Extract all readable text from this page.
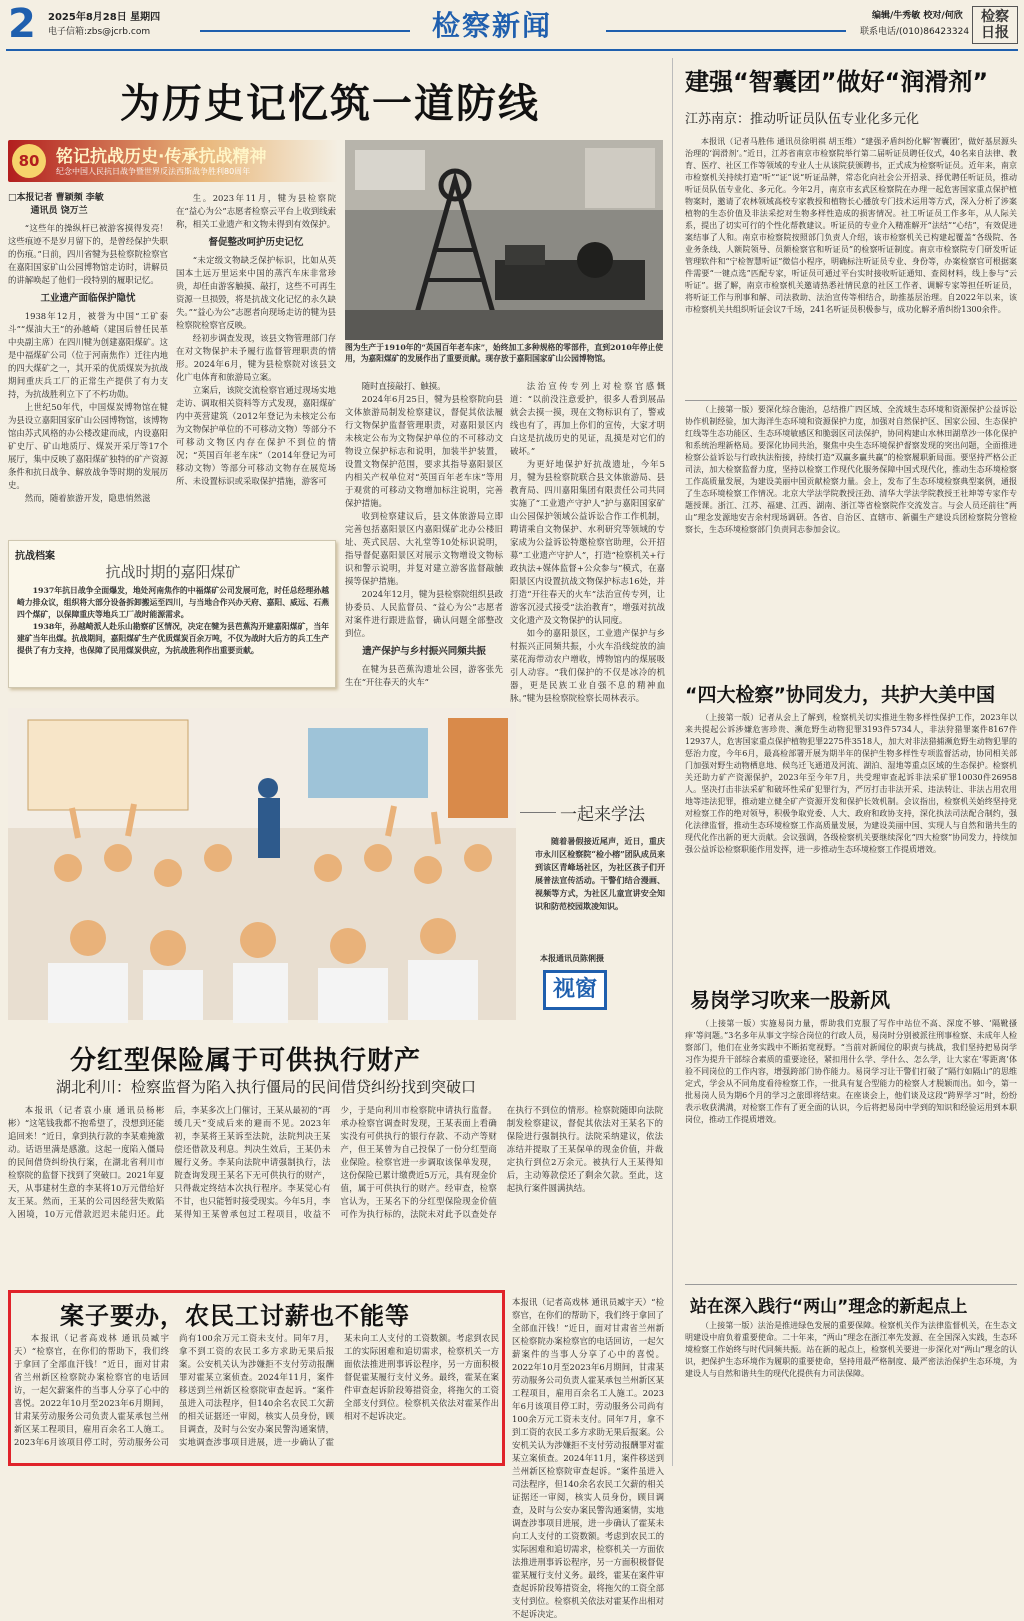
2 2025年8月28日 星期四
电子信箱:zbs@jcrb.com	检察新闻	编辑/牛秀敏 校对/何欣
联系电话/(010)86423324
检察日报
为历史记忆筑一道防线
80 铭记抗战历史·传承抗战精神
纪念中国人民抗日战争暨世界反法西斯战争胜利80周年
□本报记者 曹颖频 李敏
通讯员 饶万兰

“这些年的操纵杆已被游客摸得发亮！这些痕迹不是岁月留下的，是曾经保护失职的伤痕。”日前，四川省犍为县检察院检察官在嘉阳国家矿山公园博物馆走访时，讲解员的讲解唤起了他们一段特别的履职记忆。

工业遗产面临保护隐忧

1938年12月，被誉为中国“工矿泰斗”“煤油大王”的孙越崎（建国后曾任民革中央副主席）在四川犍为创建嘉阳煤矿。这是中福煤矿公司（位于河南焦作）迁往内地的四大煤矿之一，其开采的优质煤炭为抗战期间重庆兵工厂的正常生产提供了有力支持，为抗战胜利立下了不朽功勋。

上世纪50年代，中国煤炭博物馆在犍为县设立嘉阳国家矿山公园博物馆，该博物馆由苏式风格的办公楼改建而成，内设嘉阳矿史厅、矿山地质厅、煤炭开采厅等17个展厅，集中反映了嘉阳煤矿独特的矿产资源条件和抗日战争、解放战争等时期的发展历史。

然而，随着旅游开发，隐患悄然滋

生。2023年11月，犍为县检察院在“益心为公”志愿者检察云平台上收到线索称，相关工业遗产和文物未得到有效保护。

督促整改呵护历史记忆

“未定级文物缺乏保护标识，比如从英国本土远万里运来中国的蒸汽车床非常珍贵，却任由游客触摸、敲打，这些不可再生资源一旦损毁，将是抗战文化记忆的永久缺失。”“益心为公”志愿者向现场走访的犍为县检察院检察官反映。

经初步调查发现，该县文物管理部门存在对文物保护未予履行监督管理职责的情形。2024年6月，犍为县检察院对该县文化广电体育和旅游局立案。

立案后，该院交流检察官通过现场实地走访、调取相关资料等方式发现，嘉阳煤矿内中英营建筑（2012年登记为未核定公布为文物保护单位的不可移动文物）等部分不可移动文物区内存在保护不到位的情况；“英国百年老车床”（2014年登记为可移动文物）等部分可移动文物存在展览场所、未设置标识或采取保护措施，游客可

图为生产于1910年的“英国百年老车床”，始终加工多种规格的零部件，直到2010年停止使用，为嘉阳煤矿的发展作出了重要贡献。现存放于嘉阳国家矿山公园博物馆。

随时直接敲打、触摸。

2024年6月25日，犍为县检察院向县文体旅游局制发检察建议，督促其依法履行文物保护监督管理职责，对嘉阳景区内未核定公布为文物保护单位的不可移动文物设立保护标志和说明，加装半护装置，设置文物保护范围，要求其指导嘉阳景区内相关产权单位对“英国百年老车床”等用于观赏的可移动文物增加标注说明，完善保护措施。

收到检察建议后，县文体旅游局立即完善包括嘉阳景区内嘉阳煤矿北办公楼旧址、英式民居、大礼堂等10处标识说明，指导督促嘉阳景区对展示文物增设文物标识和警示说明，并复对建立游客监督敲触摸等保护措施。

2024年12月，犍为县检察院组织县政协委员、人民监督员、“益心为公”志愿者对案件进行跟进监督，确认问题全部整改到位。

遗产保护与乡村振兴同频共振

在犍为县芭蕉沟遗址公园，游客张先生在“开往春天的火车”

法治宣传专列上对检察官感慨道：“以前没注意爱护，很多人看到展品就会去摸一摸，现在文物标识有了，警戒线也有了，再加上你们的宣传，大家才明白这是抗战历史的见证，乱摸是对它们的破坏。”

为更好地保护好抗战遗址，今年5月，犍为县检察院联合县文体旅游局、县教育局、四川嘉阳集团有限责任公司共同实施了“工业遗产守护人”护与嘉阳国家矿山公园保护领域公益诉讼合作工作机制，聘请乘自文物保护、水利研究等领域的专家成为公益诉讼特邀检察官助理，公开招募“工业遗产守护人”，打造“检察机关+行政执法+媒体监督+公众参与”模式，在嘉阳景区内设置抗战文物保护标志16处，并打造“开往春天的火车”法治宣传专列，让游客沉浸式接受“法治教育”，增强对抗战文化遗产及文物保护的认同度。

如今的嘉阳景区，工业遗产保护与乡村振兴正同频共振，小火车沿线绽放的油菜花海带动农户增收，博物馆内的煤展吸引人动容。“我们保护的不仅是冰冷的机器，更是民族工业自强不息的精神血脉。”犍为县检察院检察长周林表示。

抗战档案
抗战时期的嘉阳煤矿

1937年抗日战争全面爆发，地处河南焦作的中福煤矿公司发展可危，时任总经理孙越崎力排众议，组织将大部分设备拆卸搬运至四川，与当地合作兴办天府、嘉阳、威远、石燕四个煤矿，以保障重庆等地兵工厂战时能源需求。

1938年，孙越崎派人赴乐山勘察矿区情况，决定在犍为县芭蕉沟开建嘉阳煤矿，当年建矿当年出煤。抗战期间，嘉阳煤矿生产优质煤炭百余万吨，不仅为战时大后方的兵工生产提供了有力支持，也保障了民用煤炭供应，为抗战胜利作出重要贡献。

一起来学法
随着暑假接近尾声，近日，重庆市永川区检察院“检小榕”团队成员来到该区青峰场社区，为社区孩子们开展普法宣传活动。干警们结合漫画、视频等方式，为社区儿童宣讲安全知识和防范校园欺凌知识。
本报通讯员陈俐摄
视窗
分红型保险属于可供执行财产
湖北利川：检察监督为陷入执行僵局的民间借贷纠纷找到突破口
本报讯（记者袁小康 通讯员杨彬彬）“这笔钱我都不抱希望了，没想到还能追回来！”近日，拿到执行款的李某难掩激动。话语里满是感激。这起一度陷入僵局的民间借贷纠纷执行案，在湖北省利川市检察院的监督下找到了突破口。2021年夏天，从事建材生意的李某将10万元借给好友王某。然而，王某的公司因经营失败陷入困境，10万元借款迟迟未能归还。此后，李某多次上门催讨，王某从最初的“再缓几天”变成后来的避而不见。2023年初，李某将王某诉至法院，法院判决王某偿还借款及利息。判决生效后，王某仍未履行义务。李某向法院申请强制执行，法院查询发现王某名下无可供执行的财产，只得裁定终结本次执行程序。李某觉心有不甘，也只能暂时接受现实。今年5月，李某得知王某曾承包过工程项目，收益不少，于是向利川市检察院申请执行监督。承办检察官调查时发现，王某表面上看确实没有可供执行的银行存款、不动产等财产，但王某曾为自己投保了一份分红型商业保险。检察官进一步调取该保单发现，这份保险已累计缴费近5万元，具有现金价值，属于可供执行的财产。经审查，检察官认为，王某名下的分红型保险现金价值可作为执行标的，法院未对此予以查处存在执行不到位的情形。检察院随即向法院制发检察建议，督促其依法对王某名下的保险进行强制执行。法院采纳建议，依法冻结并提取了王某保单的现金价值，并裁定执行到位2万余元。被执行人王某得知后，主动筹款偿还了剩余欠款。至此，这起执行案件圆满执结。
案子要办，农民工讨薪也不能等
本报讯（记者高戏林 通讯员臧宇天）“检察官，在你们的帮助下，我们终于拿回了全部血汗钱！”近日，面对甘肃省兰州新区检察院办案检察官的电话回访，一起欠薪案件的当事人分享了心中的喜悦。2022年10月至2023年6月期间，甘肃某劳动服务公司负责人霍某承包兰州新区某工程项目，雇用百余名工人施工。2023年6月该项目停工时，劳动服务公司尚有100余万元工资未支付。同年7月，拿不到工资的农民工多方求助无果后报案。公安机关认为涉嫌拒不支付劳动报酬罪对霍某立案侦查。2024年11月，案件移送到兰州新区检察院审查起诉。“案件虽进入司法程序，但140余名农民工欠薪的相关证据还一审阅，核实人员身份，顾目调查，及时与公安办案民警沟通案情，实地调查涉事项目进展，进一步确认了霍某未向工人支付的工资数额。考虑到农民工的实际困难和追切需求，检察机关一方面依法推进刑事诉讼程序，另一方面积极督促霍某履行支付义务。最终，霍某在案件审查起诉阶段筹措资金，将拖欠的工资全部支付到位。检察机关依法对霍某作出相对不起诉决定。
本报讯（记者高戏林 通讯员臧宇天）“检察官，在你们的帮助下，我们终于拿回了全部血汗钱！”近日，面对甘肃省兰州新区检察院办案检察官的电话回访，一起欠薪案件的当事人分享了心中的喜悦。2022年10月至2023年6月期间，甘肃某劳动服务公司负责人霍某承包兰州新区某工程项目，雇用百余名工人施工。2023年6月该项目停工时，劳动服务公司尚有100余万元工资未支付。同年7月，拿不到工资的农民工多方求助无果后报案。公安机关认为涉嫌拒不支付劳动报酬罪对霍某立案侦查。2024年11月，案件移送到兰州新区检察院审查起诉。“案件虽进入司法程序，但140余名农民工欠薪的相关证据还一审阅，核实人员身份，顾目调查，及时与公安办案民警沟通案情，实地调查涉事项目进展，进一步确认了霍某未向工人支付的工资数额。考虑到农民工的实际困难和追切需求，检察机关一方面依法推进刑事诉讼程序，另一方面积极督促霍某履行支付义务。最终，霍某在案件审查起诉阶段筹措资金，将拖欠的工资全部支付到位。检察机关依法对霍某作出相对不起诉决定。
建强“智囊团”做好“润滑剂”
江苏南京：推动听证员队伍专业化多元化
本报讯（记者马胜伟 通讯员徐明祺 胡玉维）“建强矛盾纠纷化解‘智囊团’，做好基层源头治理的‘润滑剂’。”近日，江苏省南京市检察院举行第二届听证员聘任仪式，40名来自法律、教育、医疗、社区工作等领域的专业人士从该院获颁聘书，正式成为检察听证员。近年来，南京市检察机关持续打造“听”“证”说“听证品牌，常态化向社会公开招录、择优聘任听证员，推动听证员队伍专业化、多元化。今年2月，南京市玄武区检察院在办理一起危害国家重点保护植物案时，邀请了农林领域高校专家教授和植物长心播放专门技术运用等方式，深入分析了涉案植物的生态价值及非法采挖对生物多样性造成的损害情况。社工听证员工作多年，从人际关系，提出了切实可行的个性化帮教建议。听证员的专业介入精准解开“法结”“心结”，有效促进案结事了人和。南京市检察院按照部门负责人介绍，该市检察机关已构建起覆盖“各级院、各业务条线、人额院领导、员额检察官和听证员”的检察听证制度。南京市检察院专门研发听证管理软件和“宁检智慧听证”微信小程序，明确标注听证员专业、身份等，办案检察官可根据案件需要“一键点选”匹配专家，听证员可通过平台实时接收听证通知、查阅材料，线上参与“云听证”。据了解，南京市检察机关邀请热悉社情民意的社区工作者、调解专家等担任听证员，将听证工作与刑事和解、司法救助、法治宣传等相结合，助推基层治理。自2022年以来，该市检察机关共组织听证会议7千场，241名听证员积极参与，成功化解矛盾纠纷1300余件。
（上接第一版）要深化综合施治，总结推广四区域、全流域生态环境和资源保护公益诉讼协作机制经验，加大海洋生态环境和资源保护力度，加强对自然保护区、国家公园、生态保护红线等生态功能区、生态环境敏感区和脆弱区司法保护，协同构建山水林田湖草沙一体化保护和系统治理新格局。要深化协同共治，聚焦中央生态环境保护督察发现的突出问题，全面推进检察公益诉讼与行政执法衔接，持续打造“双赢多赢共赢”的检察履职新局面。要坚持严格公正司法，加大检察监督力度，坚持以检察工作现代化服务保障中国式现代化，推动生态环境检察工作高质量发展，为建设美丽中国贡献检察力量。会上，发布了生态环境检察典型案例，通报了生态环境检察工作情况。北京大学法学院教授汪劲、清华大学法学院教授王社坤等专家作专题授课。浙江、江苏、福建、江西、湖南、浙江等省检察院作交流发言。与会人员还前往“两山”理念发源地安吉余村现场调研。各省、自治区、直辖市、新疆生产建设兵团检察院分管检察长，生态环境检察部门负责同志参加会议。
“四大检察”协同发力，共护大美中国
（上接第一版）记者从会上了解到，检察机关切实推进生物多样性保护工作，2023年以来共提起公诉涉嫌危害珍贵、濒危野生动物犯罪3193件5734人，非法狩猎罪案件8167件12937人，危害国家重点保护植物犯罪2275件3518人，加大对非法猎捕濒危野生动物犯罪的惩治力度，今年6月，最高检部署开展为期半年的保护生物多样性专项监督活动，协同相关部门加强对野生动物栖息地、候鸟迁飞通道及河流、湖泊、湿地等重点区域的生态保护。检察机关还助力矿产资源保护，2023年至今年7月，共受理审查起诉非法采矿罪10030件26958人。坚决打击非法采矿和破坏性采矿犯罪行为，严厉打击非法开采、违法转让、非法占用农用地等违法犯罪，推动建立健全矿产资源开发和保护长效机制。会议指出，检察机关始终坚持党对检察工作的绝对领导，积极争取党委、人大、政府和政协支持，深化执法司法配合制约，强化法律监督，推动生态环境检察工作高质量发展，为建设美丽中国、实现人与自然和谐共生的现代化作出新的更大贡献。会议强调，各级检察机关要继续深化“四大检察”协同发力，持续加强公益诉讼检察职能作用发挥，进一步推动生态环境检察工作提质增效。
易岗学习吹来一股新风
（上接第一版）实施易岗力量，帮助我们克服了写作中站位不高、深度不够、‘隔靴搔痒’等问题。”3名多年从事文字综合岗位的行政人员，易岗时分别被派往刑事检察、未成年人检察部门，他们在业务实践中不断拓宽视野。“当前对新闻位的职责与挑战，我们坚持把易岗学习作为提升干部综合素质的重要途径，紧扣用什么学、学什么、怎么学，让大家在‘零距离’体验不同岗位的工作内容，增强跨部门协作能力。易岗学习让干警们打破了“隔行如隔山”的思维定式，学会从不同角度看待检察工作，一批具有复合型能力的检察人才脱颖而出。如今，第一批易岗人员为期6个月的学习之旅即将结束。在座谈会上，他们谈及这段“跨界学习”时，纷纷表示收获满满，对检察工作有了更全面的认识，今后将把易岗中学到的知识和经验运用到本职岗位，推动工作提质增效。
站在深入践行“两山”理念的新起点上
（上接第一版）法治是推进绿色发展的重要保障。检察机关作为法律监督机关，在生态文明建设中肩负着重要使命。二十年来，“两山”理念在浙江率先发源、在全国深入实践，生态环境检察工作始终与时代同频共振。站在新的起点上，检察机关要进一步深化对“两山”理念的认识，把保护生态环境作为履职的重要使命，坚持用最严格制度、最严密法治保护生态环境，为建设人与自然和谐共生的现代化提供有力司法保障。
